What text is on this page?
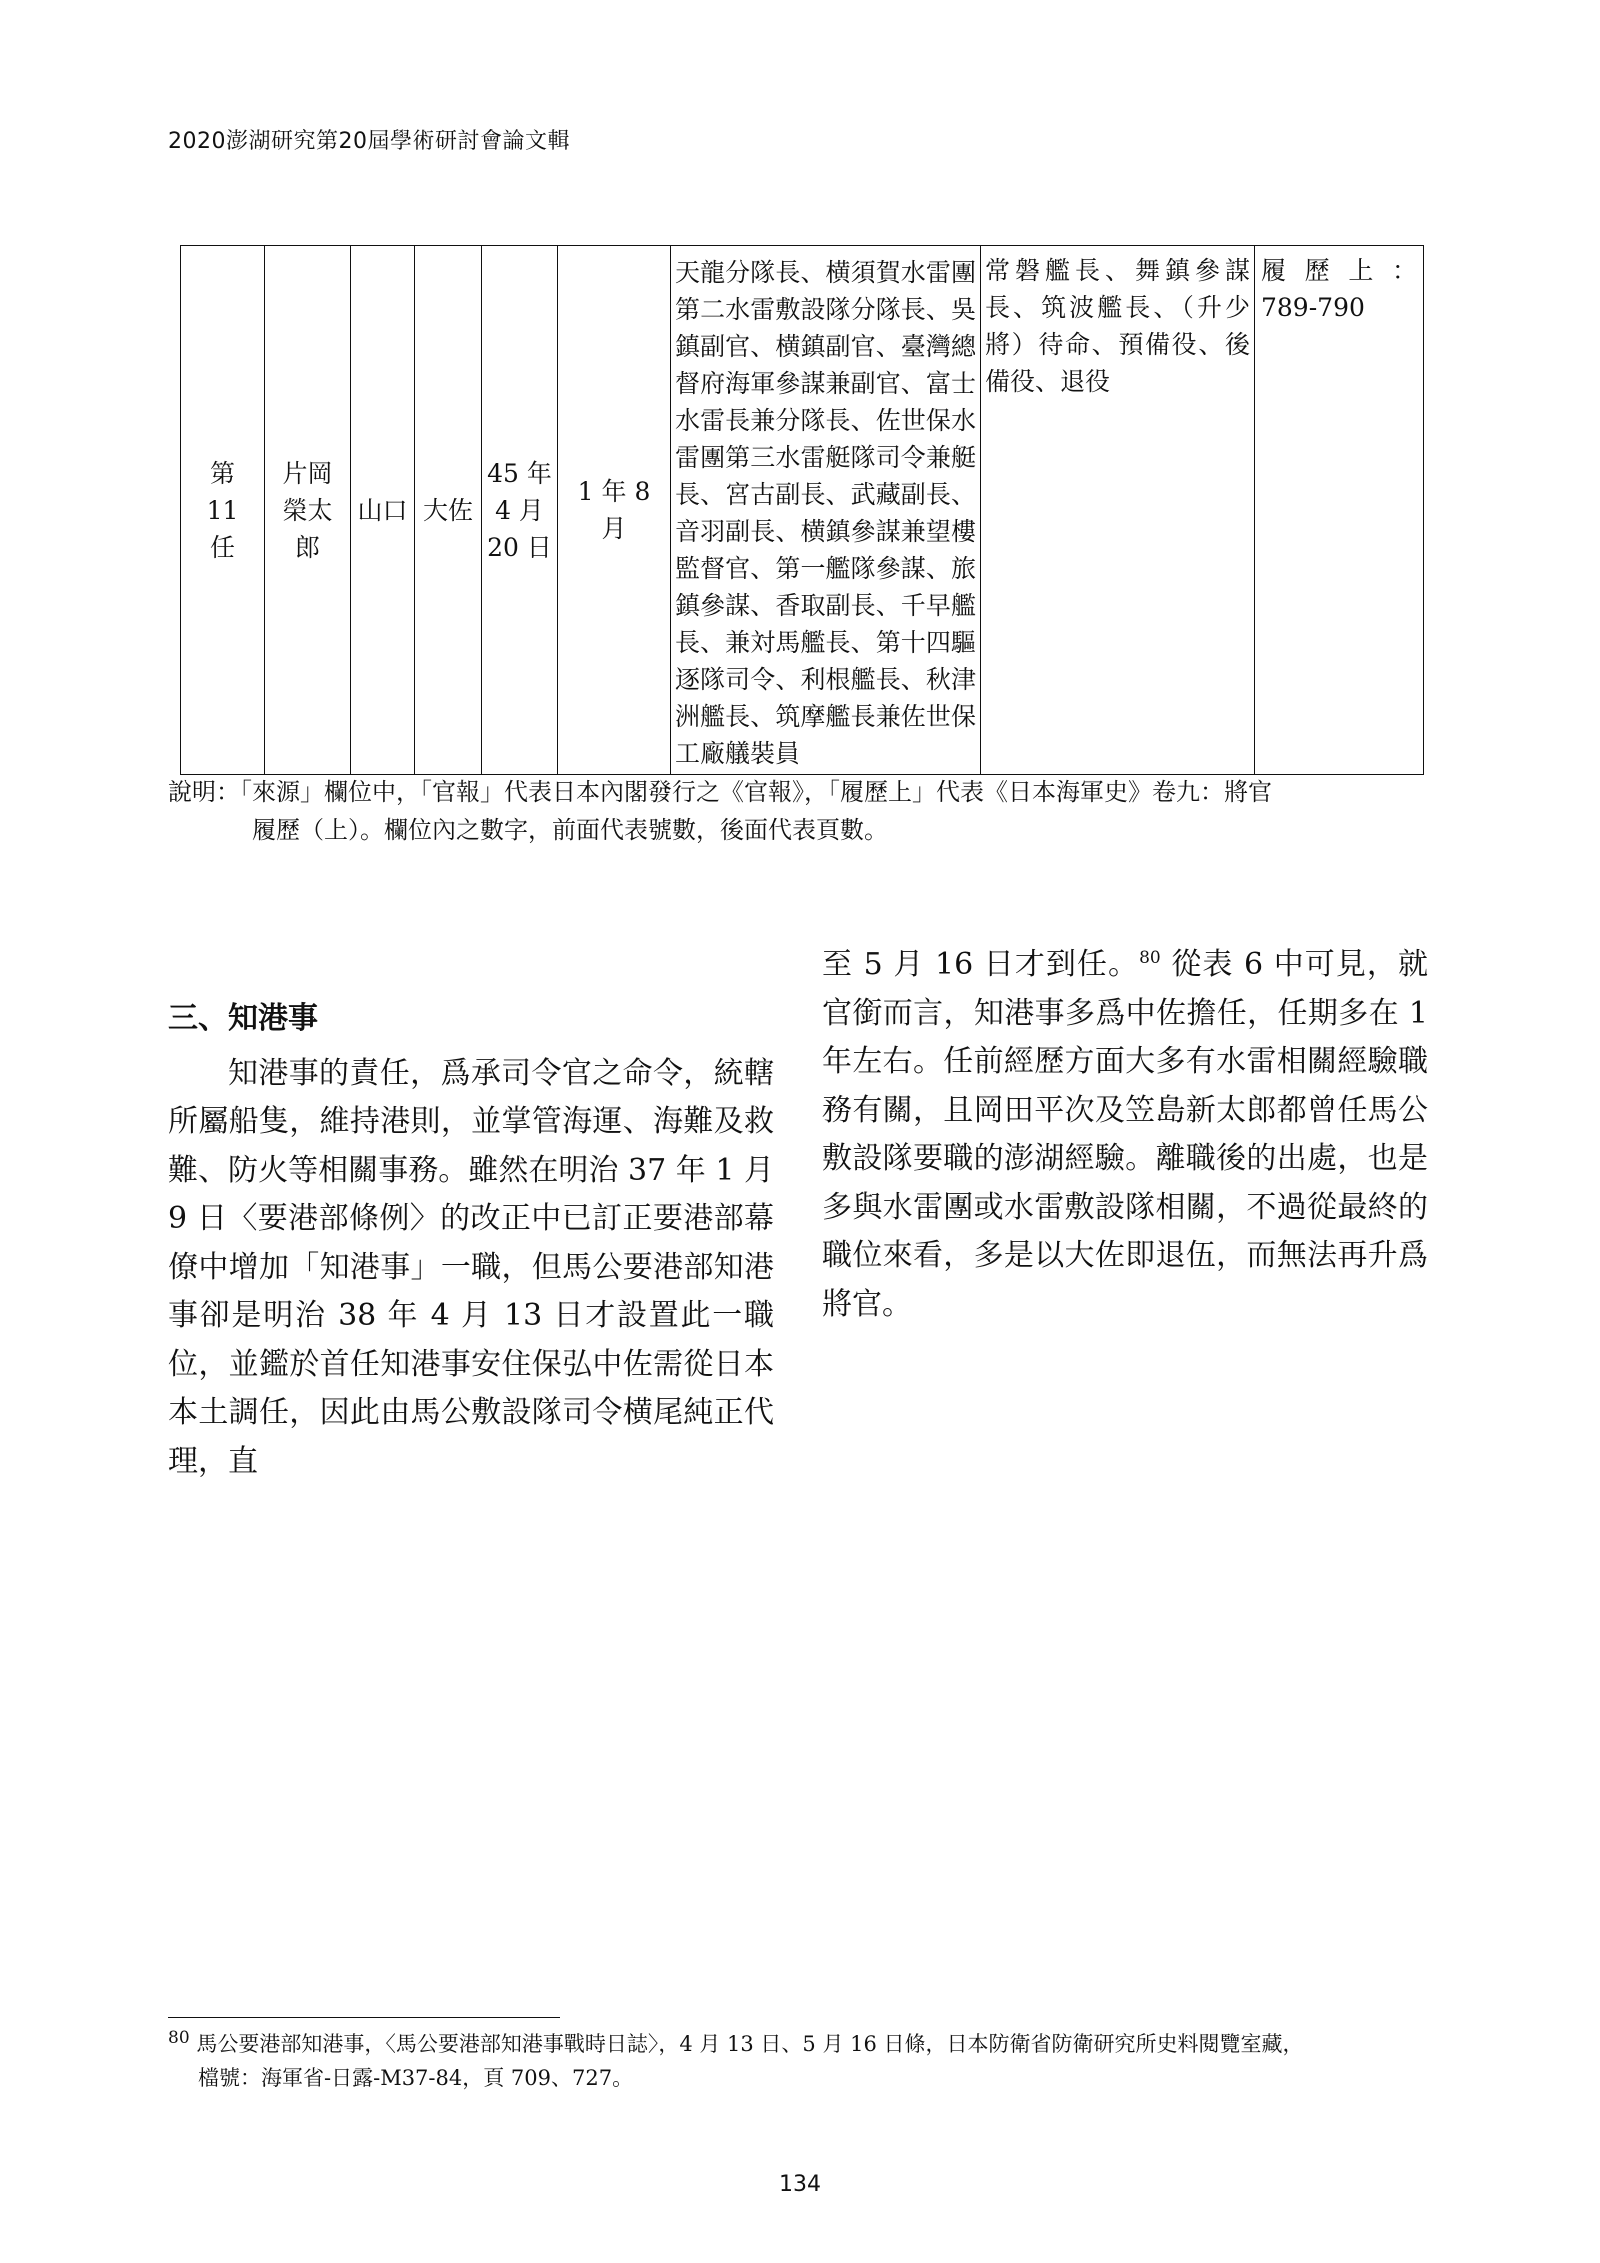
2020澎湖研究第20屆學術研討會論文輯
第
11
任	片岡
榮太
郎	山口	大佐	45 年
4 月
20 日	1 年 8 月	天龍分隊長、横須賀水雷團第二水雷敷設隊分隊長、吳鎮副官、横鎮副官、臺灣總督府海軍參謀兼副官、富士水雷長兼分隊長、佐世保水雷團第三水雷艇隊司令兼艇長、宮古副長、武藏副長、音羽副長、横鎮參謀兼望樓監督官、第一艦隊參謀、旅鎮參謀、香取副長、千早艦長、兼対馬艦長、第十四驅逐隊司令、利根艦長、秋津洲艦長、筑摩艦長兼佐世保工廠艤裝員	常磐艦長、舞鎮參謀長、筑波艦長、（升少將）待命、預備役、後備役、退役	履歷上：789-790
說明：「來源」欄位中，「官報」代表日本內閣發行之《官報》，「履歷上」代表《日本海軍史》卷九：將官
履歷（上）。欄位內之數字，前面代表號數，後面代表頁數。
三、知港事
知港事的責任，爲承司令官之命令，統轄所屬船隻，維持港則，並掌管海運、海難及救難、防火等相關事務。雖然在明治 37 年 1 月 9 日〈要港部條例〉的改正中已訂正要港部幕僚中增加「知港事」一職，但馬公要港部知港事卻是明治 38 年 4 月 13 日才設置此一職位，並鑑於首任知港事安住保弘中佐需從日本本土調任，因此由馬公敷設隊司令横尾純正代理，直
至 5 月 16 日才到任。$^{80}$ 從表 6 中可見，就官銜而言，知港事多爲中佐擔任，任期多在 1 年左右。任前經歷方面大多有水雷相關經驗職務有關，且岡田平次及笠島新太郎都曾任馬公敷設隊要職的澎湖經驗。離職後的出處，也是多與水雷團或水雷敷設隊相關，不過從最終的職位來看，多是以大佐即退伍，而無法再升爲將官。
$^{80}$ 馬公要港部知港事，〈馬公要港部知港事戰時日誌〉，4 月 13 日、5 月 16 日條，日本防衛省防衛研究所史料閱覽室藏，
檔號：海軍省-日露-M37-84，頁 709、727。
134
